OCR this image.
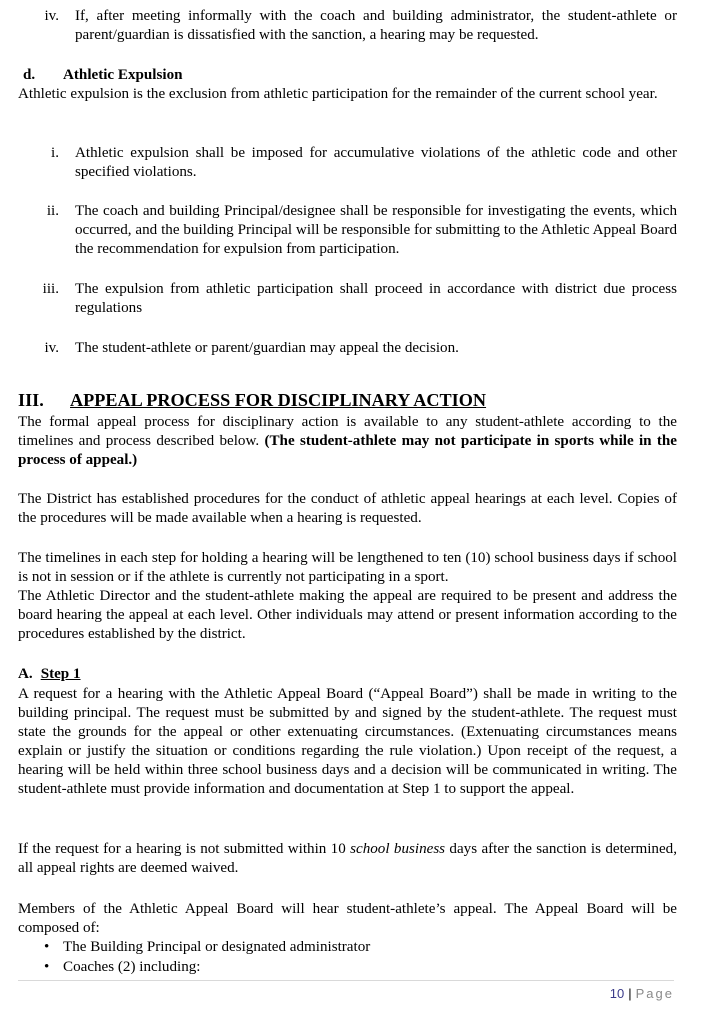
iv. If, after meeting informally with the coach and building administrator, the student-athlete or parent/guardian is dissatisfied with the sanction, a hearing may be requested.

d. Athletic Expulsion

Athletic expulsion is the exclusion from athletic participation for the remainder of the current school year.

i. Athletic expulsion shall be imposed for accumulative violations of the athletic code and other specified violations.

ii. The coach and building Principal/designee shall be responsible for investigating the events, which occurred, and the building Principal will be responsible for submitting to the Athletic Appeal Board the recommendation for expulsion from participation.

iii. The expulsion from athletic participation shall proceed in accordance with district due process regulations

iv. The student-athlete or parent/guardian may appeal the decision.

III. APPEAL PROCESS FOR DISCIPLINARY ACTION

The formal appeal process for disciplinary action is available to any student-athlete according to the timelines and process described below. (The student-athlete may not participate in sports while in the process of appeal.)

The District has established procedures for the conduct of athletic appeal hearings at each level. Copies of the procedures will be made available when a hearing is requested.

The timelines in each step for holding a hearing will be lengthened to ten (10) school business days if school is not in session or if the athlete is currently not participating in a sport.

The Athletic Director and the student-athlete making the appeal are required to be present and address the board hearing the appeal at each level. Other individuals may attend or present information according to the procedures established by the district.

A. Step 1

A request for a hearing with the Athletic Appeal Board (“Appeal Board”) shall be made in writing to the building principal. The request must be submitted by and signed by the student-athlete. The request must state the grounds for the appeal or other extenuating circumstances. (Extenuating circumstances means explain or justify the situation or conditions regarding the rule violation.) Upon receipt of the request, a hearing will be held within three school business days and a decision will be communicated in writing. The student-athlete must provide information and documentation at Step 1 to support the appeal.

If the request for a hearing is not submitted within 10 school business days after the sanction is determined, all appeal rights are deemed waived.

Members of the Athletic Appeal Board will hear student-athlete’s appeal. The Appeal Board will be composed of:

• The Building Principal or designated administrator
• Coaches (2) including:
10 | Page
